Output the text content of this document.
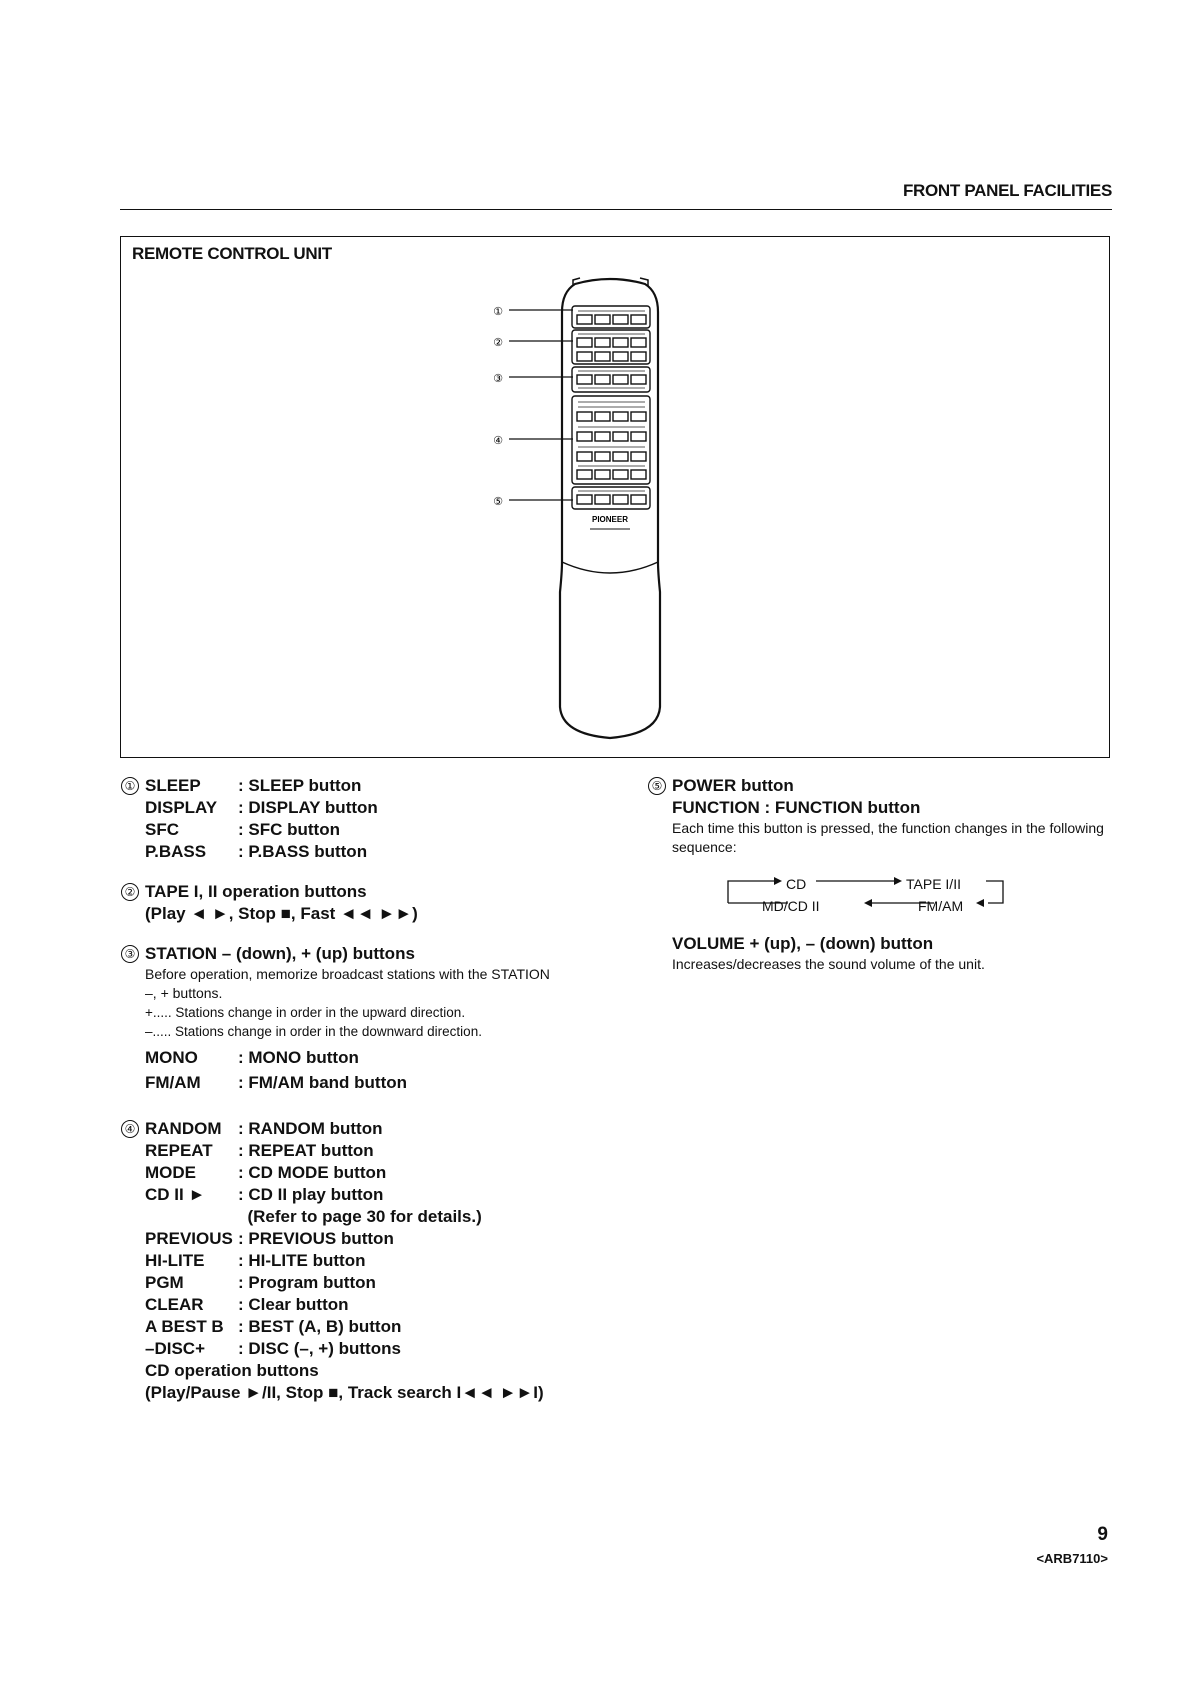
FRONT PANEL FACILITIES
REMOTE CONTROL UNIT
PIONEER
①
②
③
④
⑤
① SLEEP	: SLEEP button
DISPLAY	: DISPLAY button
SFC	: SFC button
P.BASS	: P.BASS button
② TAPE I, II operation buttons
(Play ◄ ►, Stop ■, Fast ◄◄ ►►)
③ STATION – (down), + (up) buttons
Before operation, memorize broadcast stations with the STATION –, + buttons.
+..... Stations change in order in the upward direction.
–..... Stations change in order in the downward direction.
MONO	: MONO button
FM/AM	: FM/AM band button
④ RANDOM	: RANDOM button
REPEAT	: REPEAT button
MODE	: CD MODE button
CD II ►	: CD II play button
(Refer to page 30 for details.)
PREVIOUS : PREVIOUS button
HI-LITE	: HI-LITE button
PGM	: Program button
CLEAR	: Clear button
A BEST B	: BEST (A, B) button
–DISC+	: DISC (–, +) buttons
CD operation buttons
(Play/Pause ►/II, Stop ■, Track search I◄◄ ►►I)
⑤ POWER button
FUNCTION : FUNCTION button
Each time this button is pressed, the function changes in the following sequence:
CD	TAPE I/II
MD/CD II	FM/AM
VOLUME + (up), – (down) button
Increases/decreases the sound volume of the unit.
9
<ARB7110>
